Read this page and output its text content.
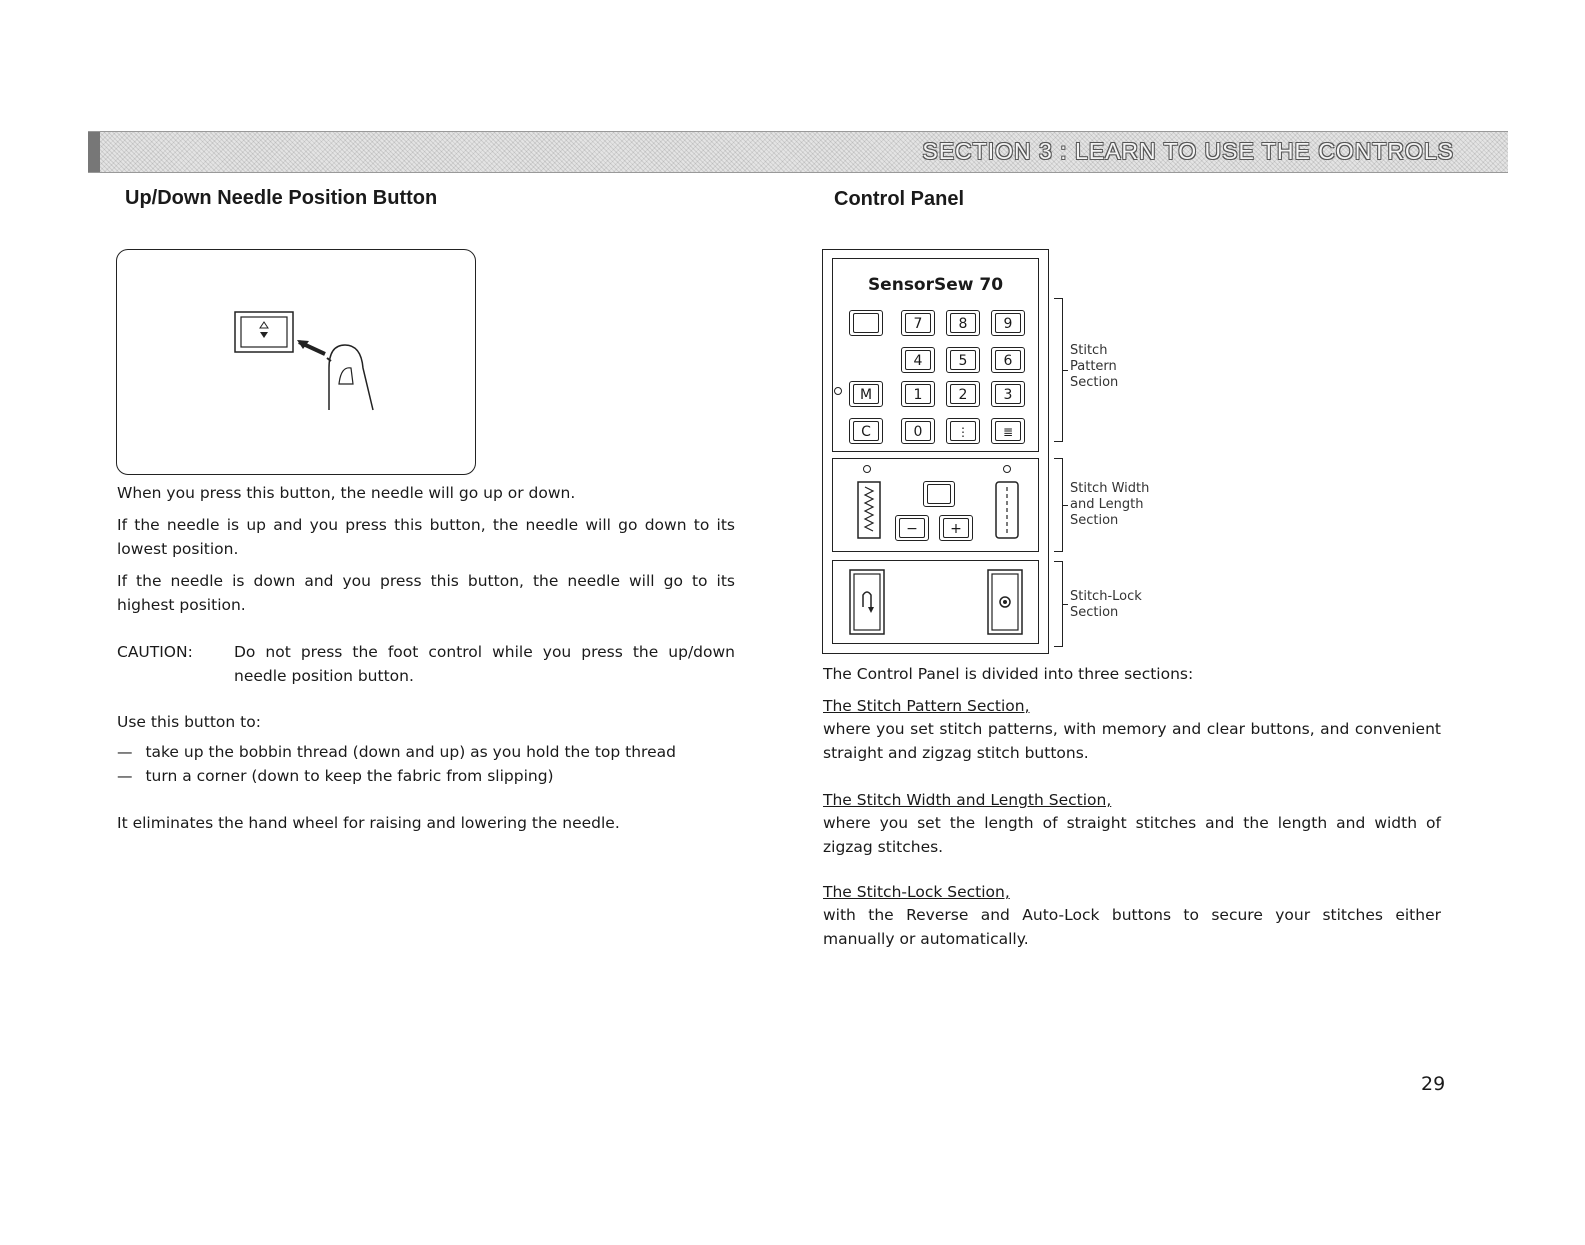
SECTION 3 : LEARN TO USE THE CONTROLS
Up/Down Needle Position Button

When you press this button, the needle will go up or down.

If the needle is up and you press this button, the needle will go down to its lowest position.

If the needle is down and you press this button, the needle will go to its highest position.

CAUTION:	Do not press the foot control while you press the up/down needle position button.

Use this button to:

— take up the bobbin thread (down and up) as you hold the top thread
— turn a corner (down to keep the fabric from slipping)

It eliminates the hand wheel for raising and lowering the needle.

Control Panel
SensorSew 70
7	8	9
4	5	6
M	1	2	3
C	0	⋮	≣
−	+
Stitch Pattern Section
Stitch Width and Length Section
Stitch-Lock Section

The Control Panel is divided into three sections:

The Stitch Pattern Section,

where you set stitch patterns, with memory and clear buttons, and convenient straight and zigzag stitch buttons.

The Stitch Width and Length Section,

where you set the length of straight stitches and the length and width of zigzag stitches.

The Stitch-Lock Section,

with the Reverse and Auto-Lock buttons to secure your stitches either manually or automatically.

29
